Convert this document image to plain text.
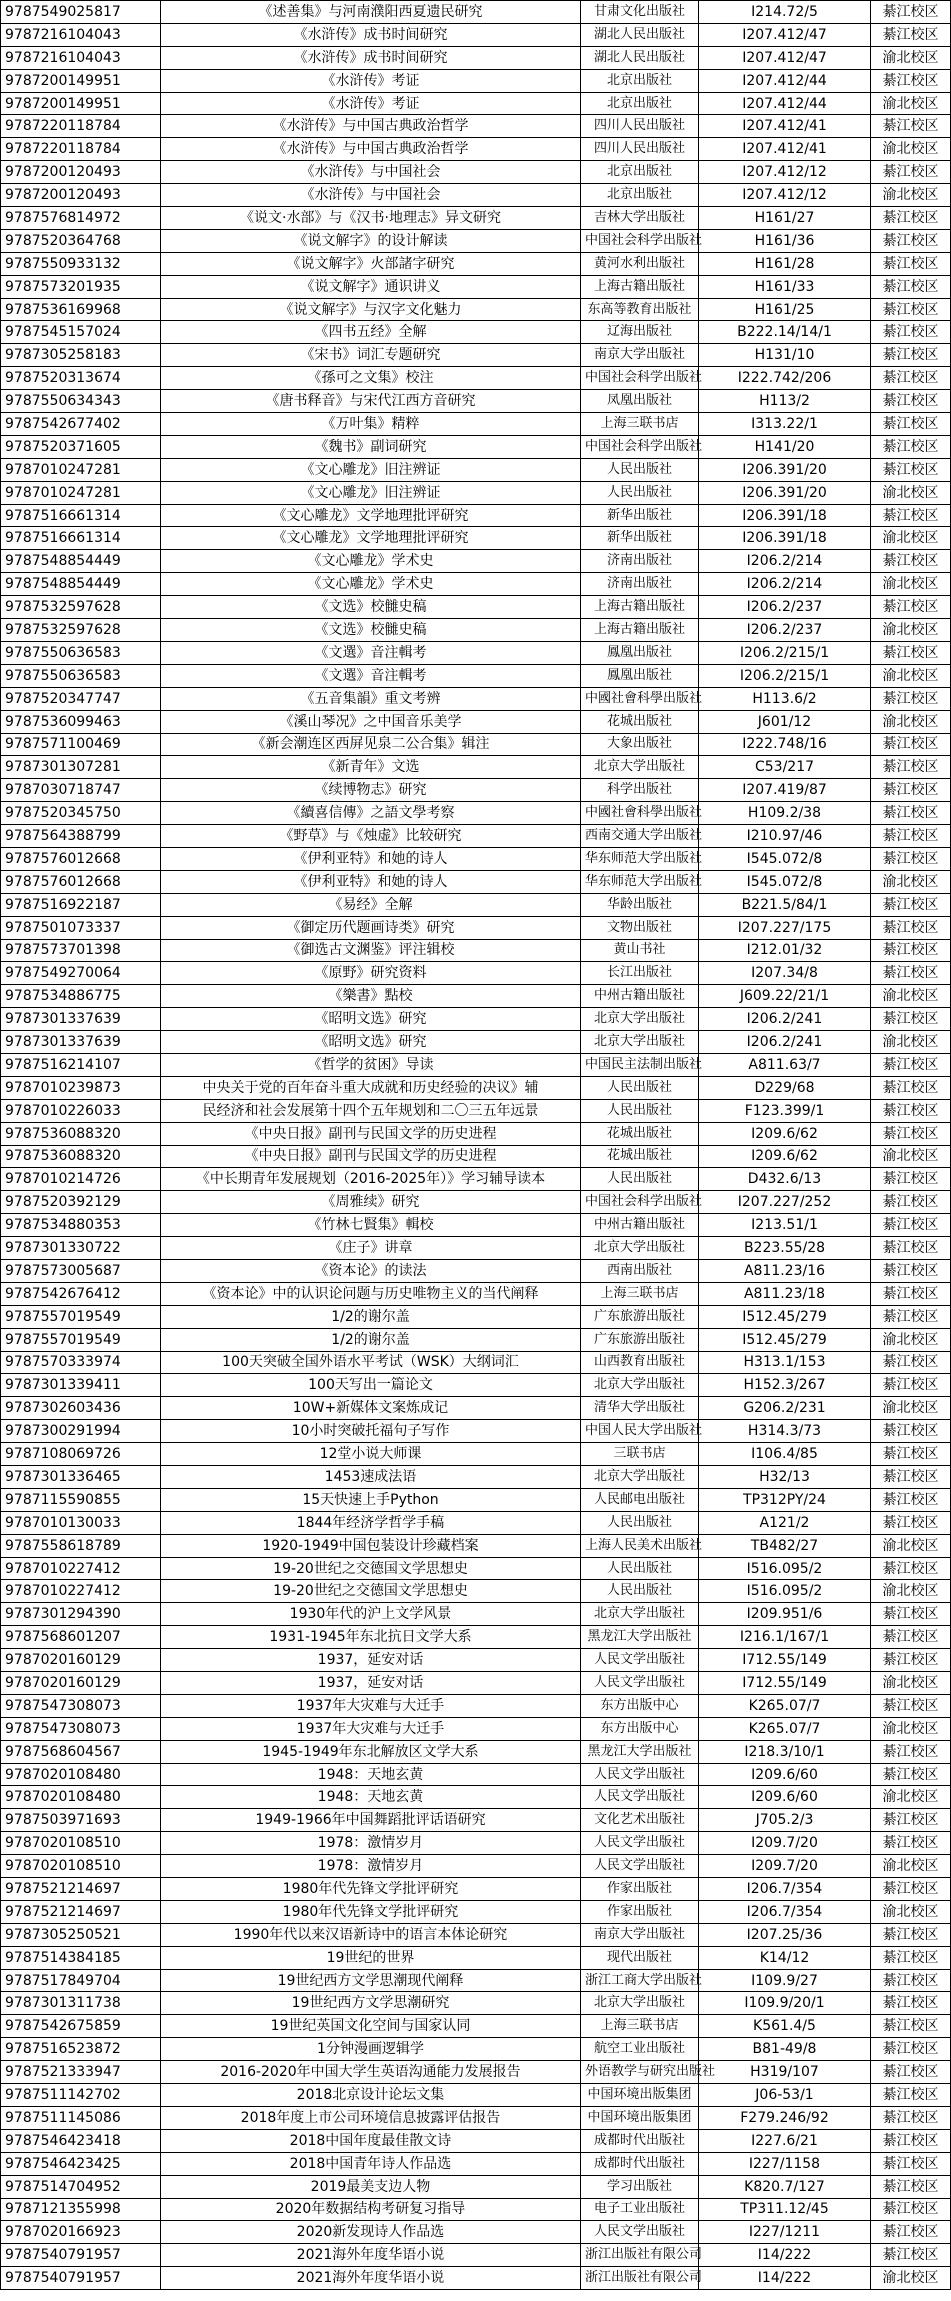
9787549025817	《述善集》与河南濮阳西夏遗民研究	甘肃文化出版社	I214.72/5	綦江校区
9787216104043	《水浒传》成书时间研究	湖北人民出版社	I207.412/47	綦江校区
9787216104043	《水浒传》成书时间研究	湖北人民出版社	I207.412/47	渝北校区
9787200149951	《水浒传》考证	北京出版社	I207.412/44	綦江校区
9787200149951	《水浒传》考证	北京出版社	I207.412/44	渝北校区
9787220118784	《水浒传》与中国古典政治哲学	四川人民出版社	I207.412/41	綦江校区
9787220118784	《水浒传》与中国古典政治哲学	四川人民出版社	I207.412/41	渝北校区
9787200120493	《水浒传》与中国社会	北京出版社	I207.412/12	綦江校区
9787200120493	《水浒传》与中国社会	北京出版社	I207.412/12	渝北校区
9787576814972	《说文·水部》与《汉书·地理志》异文研究	吉林大学出版社	H161/27	綦江校区
9787520364768	《说文解字》的设计解读	中国社会科学出版社	H161/36	綦江校区
9787550933132	《说文解字》火部諸字研究	黄河水利出版社	H161/28	綦江校区
9787573201935	《说文解字》通识讲义	上海古籍出版社	H161/33	綦江校区
9787536169968	《说文解字》与汉字文化魅力	东高等教育出版社	H161/25	綦江校区
9787545157024	《四书五经》全解	辽海出版社	B222.14/14/1	綦江校区
9787305258183	《宋书》词汇专题研究	南京大学出版社	H131/10	綦江校区
9787520313674	《孫可之文集》校注	中国社会科学出版社	I222.742/206	綦江校区
9787550634343	《唐书释音》与宋代江西方音研究	凤凰出版社	H113/2	綦江校区
9787542677402	《万叶集》精粹	上海三联书店	I313.22/1	綦江校区
9787520371605	《魏书》副词研究	中国社会科学出版社	H141/20	綦江校区
9787010247281	《文心雕龙》旧注辨证	人民出版社	I206.391/20	綦江校区
9787010247281	《文心雕龙》旧注辨证	人民出版社	I206.391/20	渝北校区
9787516661314	《文心雕龙》文学地理批评研究	新华出版社	I206.391/18	綦江校区
9787516661314	《文心雕龙》文学地理批评研究	新华出版社	I206.391/18	渝北校区
9787548854449	《文心雕龙》学术史	济南出版社	I206.2/214	綦江校区
9787548854449	《文心雕龙》学术史	济南出版社	I206.2/214	渝北校区
9787532597628	《文选》校雠史稿	上海古籍出版社	I206.2/237	綦江校区
9787532597628	《文选》校雠史稿	上海古籍出版社	I206.2/237	渝北校区
9787550636583	《文選》音注輯考	鳳凰出版社	I206.2/215/1	綦江校区
9787550636583	《文選》音注輯考	鳳凰出版社	I206.2/215/1	渝北校区
9787520347747	《五音集韻》重文考辨	中國社會科學出版社	H113.6/2	綦江校区
9787536099463	《溪山琴况》之中国音乐美学	花城出版社	J601/12	渝北校区
9787571100469	《新会潮连区西屏见泉二公合集》辑注	大象出版社	I222.748/16	綦江校区
9787301307281	《新青年》文选	北京大学出版社	C53/217	綦江校区
9787030718747	《续博物志》研究	科学出版社	I207.419/87	綦江校区
9787520345750	《續喜信傳》之語文學考察	中國社會科學出版社	H109.2/38	綦江校区
9787564388799	《野草》与《烛虚》比较研究	西南交通大学出版社	I210.97/46	綦江校区
9787576012668	《伊利亚特》和她的诗人	华东师范大学出版社	I545.072/8	綦江校区
9787576012668	《伊利亚特》和她的诗人	华东师范大学出版社	I545.072/8	渝北校区
9787516922187	《易经》全解	华龄出版社	B221.5/84/1	綦江校区
9787501073337	《御定历代题画诗类》研究	文物出版社	I207.227/175	綦江校区
9787573701398	《御选古文渊鉴》评注辑校	黄山书社	I212.01/32	綦江校区
9787549270064	《原野》研究资料	长江出版社	I207.34/8	綦江校区
9787534886775	《樂書》點校	中州古籍出版社	J609.22/21/1	渝北校区
9787301337639	《昭明文选》研究	北京大学出版社	I206.2/241	綦江校区
9787301337639	《昭明文选》研究	北京大学出版社	I206.2/241	渝北校区
9787516214107	《哲学的贫困》导读	中国民主法制出版社	A811.63/7	綦江校区
9787010239873	中央关于党的百年奋斗重大成就和历史经验的决议》辅	人民出版社	D229/68	綦江校区
9787010226033	民经济和社会发展第十四个五年规划和二〇三五年远景	人民出版社	F123.399/1	綦江校区
9787536088320	《中央日报》副刊与民国文学的历史进程	花城出版社	I209.6/62	綦江校区
9787536088320	《中央日报》副刊与民国文学的历史进程	花城出版社	I209.6/62	渝北校区
9787010214726	《中长期青年发展规划（2016-2025年）》学习辅导读本	人民出版社	D432.6/13	綦江校区
9787520392129	《周雅续》研究	中国社会科学出版社	I207.227/252	綦江校区
9787534880353	《竹林七賢集》輯校	中州古籍出版社	I213.51/1	綦江校区
9787301330722	《庄子》讲章	北京大学出版社	B223.55/28	綦江校区
9787573005687	《资本论》的读法	西南出版社	A811.23/16	綦江校区
9787542676412	《资本论》中的认识论问题与历史唯物主义的当代阐释	上海三联书店	A811.23/18	綦江校区
9787557019549	1/2的谢尔盖	广东旅游出版社	I512.45/279	綦江校区
9787557019549	1/2的谢尔盖	广东旅游出版社	I512.45/279	渝北校区
9787570333974	100天突破全国外语水平考试（WSK）大纲词汇	山西教育出版社	H313.1/153	綦江校区
9787301339411	100天写出一篇论文	北京大学出版社	H152.3/267	綦江校区
9787302603436	10W+新媒体文案炼成记	清华大学出版社	G206.2/231	渝北校区
9787300291994	10小时突破托福句子写作	中国人民大学出版社	H314.3/73	綦江校区
9787108069726	12堂小说大师课	三联书店	I106.4/85	綦江校区
9787301336465	1453速成法语	北京大学出版社	H32/13	綦江校区
9787115590855	15天快速上手Python	人民邮电出版社	TP312PY/24	綦江校区
9787010130033	1844年经济学哲学手稿	人民出版社	A121/2	綦江校区
9787558618789	1920-1949中国包装设计珍藏档案	上海人民美术出版社	TB482/27	渝北校区
9787010227412	19-20世纪之交德国文学思想史	人民出版社	I516.095/2	綦江校区
9787010227412	19-20世纪之交德国文学思想史	人民出版社	I516.095/2	渝北校区
9787301294390	1930年代的沪上文学风景	北京大学出版社	I209.951/6	綦江校区
9787568601207	1931-1945年东北抗日文学大系	黑龙江大学出版社	I216.1/167/1	綦江校区
9787020160129	1937，延安对话	人民文学出版社	I712.55/149	綦江校区
9787020160129	1937，延安对话	人民文学出版社	I712.55/149	渝北校区
9787547308073	1937年大灾难与大迁手	东方出版中心	K265.07/7	綦江校区
9787547308073	1937年大灾难与大迁手	东方出版中心	K265.07/7	渝北校区
9787568604567	1945-1949年东北解放区文学大系	黑龙江大学出版社	I218.3/10/1	綦江校区
9787020108480	1948：天地玄黄	人民文学出版社	I209.6/60	綦江校区
9787020108480	1948：天地玄黄	人民文学出版社	I209.6/60	渝北校区
9787503971693	1949-1966年中国舞蹈批评话语研究	文化艺术出版社	J705.2/3	綦江校区
9787020108510	1978：激情岁月	人民文学出版社	I209.7/20	綦江校区
9787020108510	1978：激情岁月	人民文学出版社	I209.7/20	渝北校区
9787521214697	1980年代先锋文学批评研究	作家出版社	I206.7/354	綦江校区
9787521214697	1980年代先锋文学批评研究	作家出版社	I206.7/354	渝北校区
9787305250521	1990年代以来汉语新诗中的语言本体论研究	南京大学出版社	I207.25/36	綦江校区
9787514384185	19世纪的世界	现代出版社	K14/12	綦江校区
9787517849704	19世纪西方文学思潮现代阐释	浙江工商大学出版社	I109.9/27	綦江校区
9787301311738	19世纪西方文学思潮研究	北京大学出版社	I109.9/20/1	綦江校区
9787542675859	19世纪英国文化空间与国家认同	上海三联书店	K561.4/5	綦江校区
9787516523872	1分钟漫画逻辑学	航空工业出版社	B81-49/8	綦江校区
9787521333947	2016-2020年中国大学生英语沟通能力发展报告	外语教学与研究出版社	H319/107	綦江校区
9787511142702	2018北京设计论坛文集	中国环境出版集团	J06-53/1	綦江校区
9787511145086	2018年度上市公司环境信息披露评估报告	中国环境出版集团	F279.246/92	綦江校区
9787546423418	2018中国年度最佳散文诗	成都时代出版社	I227.6/21	綦江校区
9787546423425	2018中国青年诗人作品选	成都时代出版社	I227/1158	綦江校区
9787514704952	2019最美支边人物	学习出版社	K820.7/127	綦江校区
9787121355998	2020年数据结构考研复习指导	电子工业出版社	TP311.12/45	綦江校区
9787020166923	2020新发现诗人作品选	人民文学出版社	I227/1211	綦江校区
9787540791957	2021海外年度华语小说	浙江出版社有限公司	I14/222	綦江校区
9787540791957	2021海外年度华语小说	浙江出版社有限公司	I14/222	渝北校区
